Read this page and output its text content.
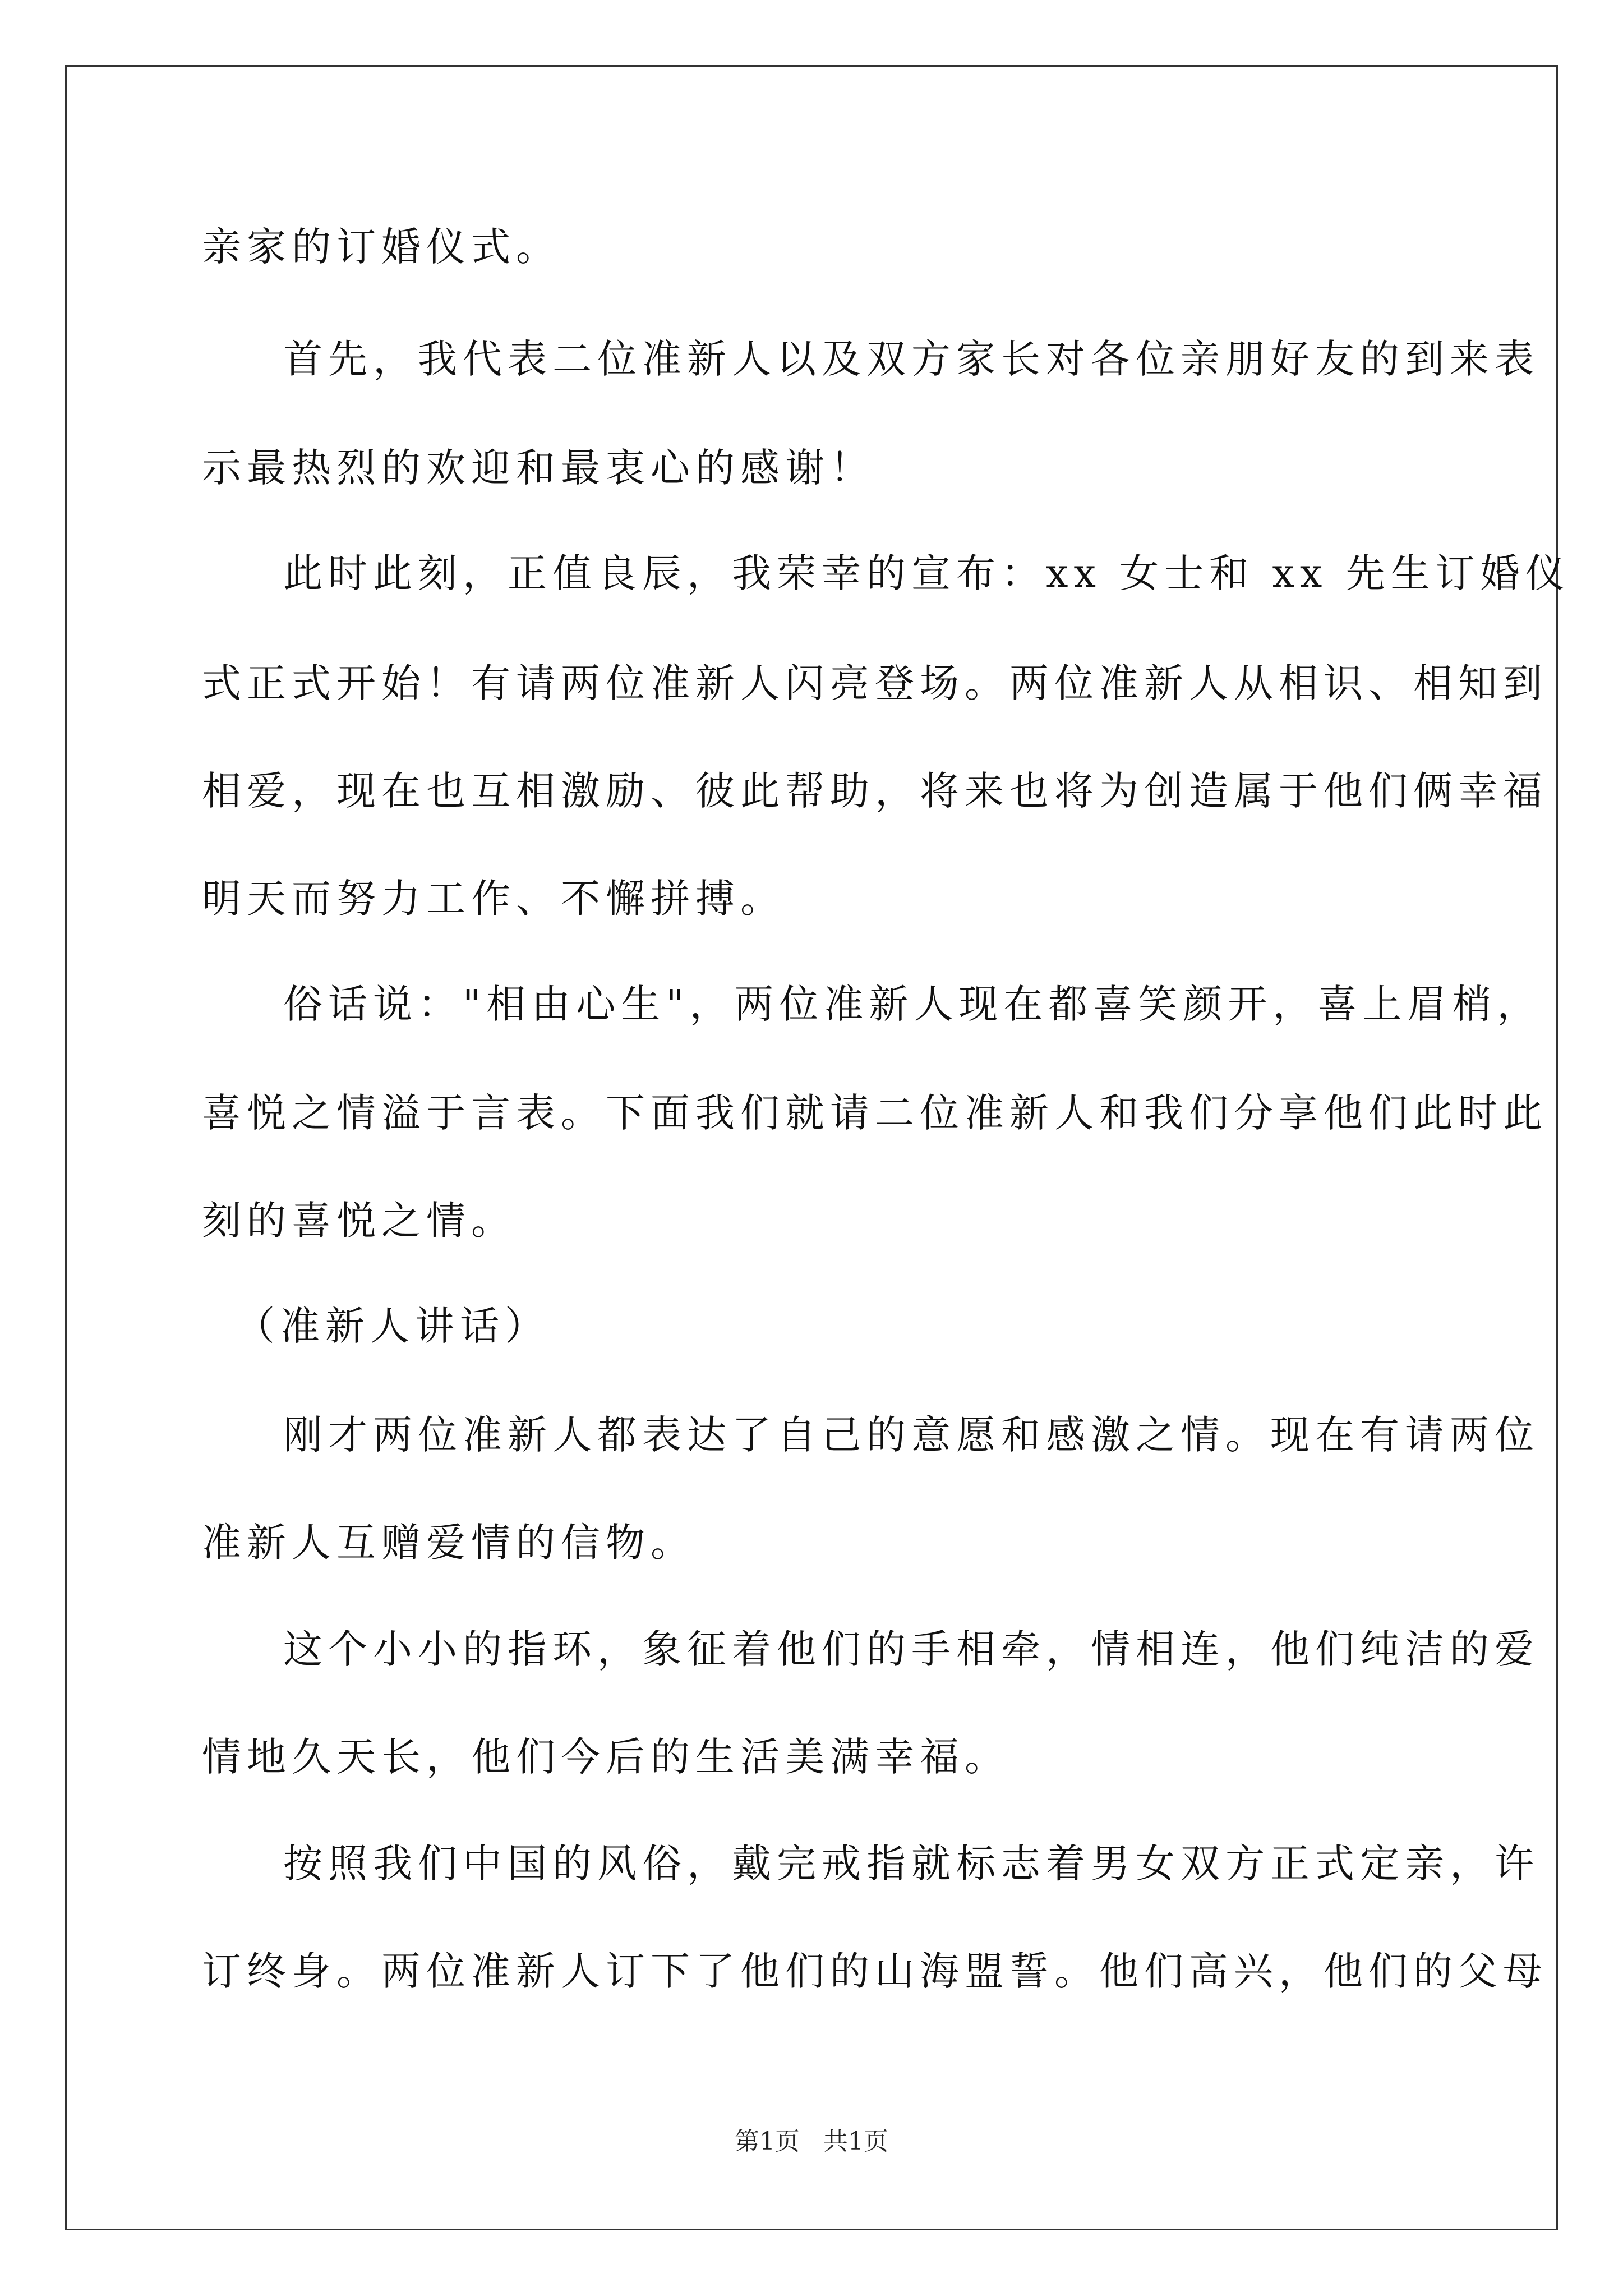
亲家的订婚仪式。
首先，我代表二位准新人以及双方家长对各位亲朋好友的到来表
示最热烈的欢迎和最衷心的感谢！
此时此刻，正值良辰，我荣幸的宣布：xx 女士和 xx 先生订婚仪
式正式开始！有请两位准新人闪亮登场。两位准新人从相识、相知到
相爱，现在也互相激励、彼此帮助，将来也将为创造属于他们俩幸福
明天而努力工作、不懈拼搏。
俗话说："相由心生"，两位准新人现在都喜笑颜开，喜上眉梢，
喜悦之情溢于言表。下面我们就请二位准新人和我们分享他们此时此
刻的喜悦之情。
（准新人讲话）
刚才两位准新人都表达了自己的意愿和感激之情。现在有请两位
准新人互赠爱情的信物。
这个小小的指环，象征着他们的手相牵，情相连，他们纯洁的爱
情地久天长，他们今后的生活美满幸福。
按照我们中国的风俗，戴完戒指就标志着男女双方正式定亲，许
订终身。两位准新人订下了他们的山海盟誓。他们高兴，他们的父母
第1页 共1页
